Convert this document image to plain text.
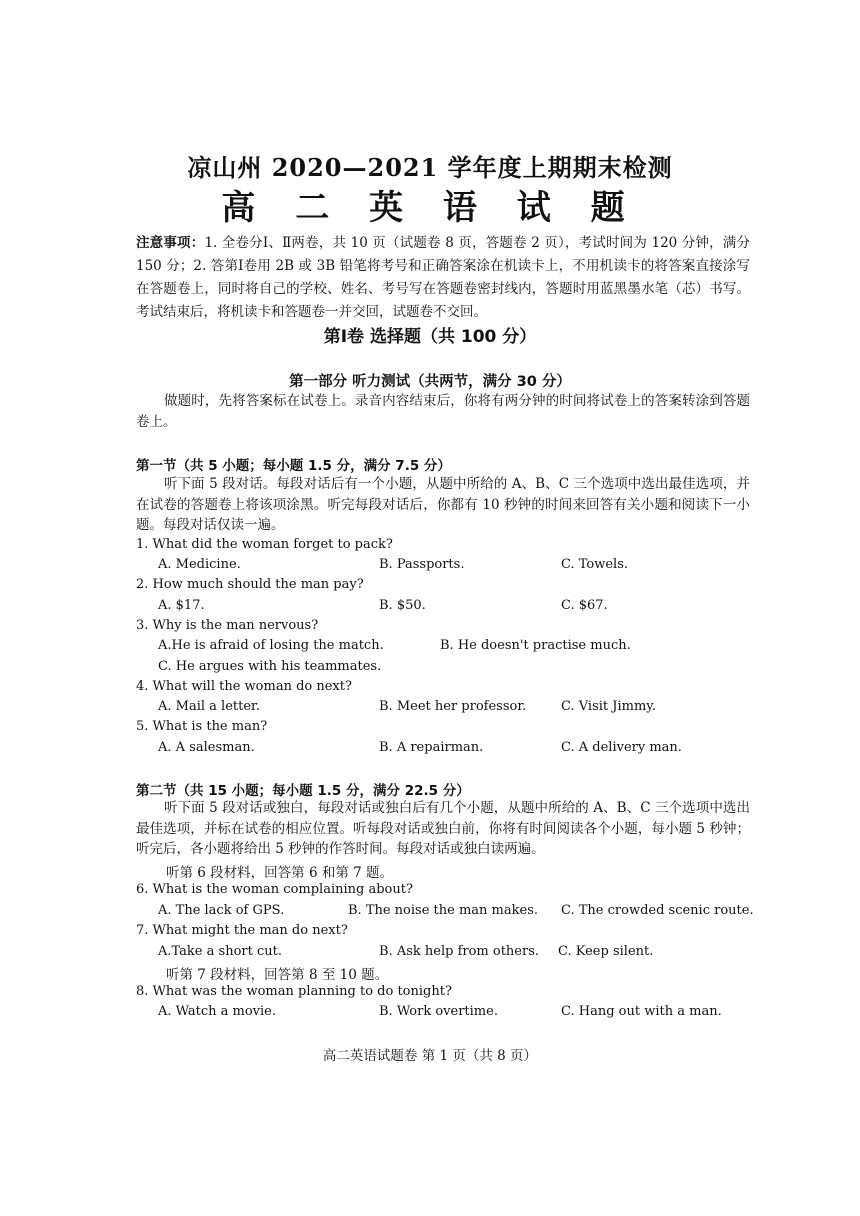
凉山州 2020—2021 学年度上期期末检测
高 二 英 语 试 题
注意事项：1. 全卷分Ⅰ、Ⅱ两卷，共 10 页（试题卷 8 页，答题卷 2 页），考试时间为 120 分钟，满分 150 分；2. 答第Ⅰ卷用 2B 或 3B 铅笔将考号和正确答案涂在机读卡上，不用机读卡的将答案直接涂写在答题卷上，同时将自己的学校、姓名、考号写在答题卷密封线内，答题时用蓝黑墨水笔（芯）书写。考试结束后，将机读卡和答题卷一并交回，试题卷不交回。
第Ⅰ卷 选择题（共 100 分）
第一部分 听力测试（共两节，满分 30 分）
做题时，先将答案标在试卷上。录音内容结束后，你将有两分钟的时间将试卷上的答案转涂到答题卷上。
第一节（共 5 小题；每小题 1.5 分，满分 7.5 分）
听下面 5 段对话。每段对话后有一个小题，从题中所给的 A、B、C 三个选项中选出最佳选项，并在试卷的答题卷上将该项涂黑。听完每段对话后，你都有 10 秒钟的时间来回答有关小题和阅读下一小题。每段对话仅读一遍。
1. What did the woman forget to pack?
A. Medicine.	B. Passports.	C. Towels.
2. How much should the man pay?
A. $17.	B. $50.	C. $67.
3. Why is the man nervous?
A.He is afraid of losing the match.	B. He doesn't practise much.
C. He argues with his teammates.
4. What will the woman do next?
A. Mail a letter.	B. Meet her professor.	C. Visit Jimmy.
5. What is the man?
A. A salesman.	B. A repairman.	C. A delivery man.
第二节（共 15 小题；每小题 1.5 分，满分 22.5 分）
听下面 5 段对话或独白，每段对话或独白后有几个小题，从题中所给的 A、B、C 三个选项中选出最佳选项，并标在试卷的相应位置。听每段对话或独白前，你将有时间阅读各个小题，每小题 5 秒钟；听完后，各小题将给出 5 秒钟的作答时间。每段对话或独白读两遍。
听第 6 段材料，回答第 6 和第 7 题。
6. What is the woman complaining about?
A. The lack of GPS.	B. The noise the man makes. C. The crowded scenic route.
7. What might the man do next?
A.Take a short cut.	B. Ask help from others. C. Keep silent.
听第 7 段材料，回答第 8 至 10 题。
8. What was the woman planning to do tonight?
A. Watch a movie.	B. Work overtime.	C. Hang out with a man.
高二英语试题卷 第 1 页（共 8 页）
